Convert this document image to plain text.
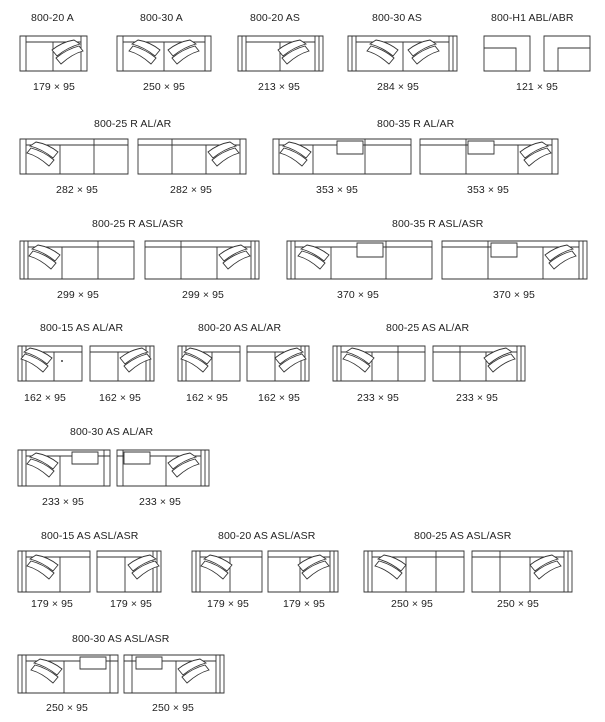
800-20 A	800-30 A	800-20 AS	800-30 AS	800-H1 ABL/ABR
800-25 R AL/AR	800-35 R AL/AR
800-25 R ASL/ASR	800-35 R ASL/ASR
800-15 AS AL/AR	800-20 AS AL/AR	800-25 AS AL/AR
800-30 AS AL/AR
800-15 AS ASL/ASR	800-20 AS ASL/ASR	800-25 AS ASL/ASR
800-30 AS ASL/ASR
179 × 95	250 × 95	213 × 95	284 × 95	121 × 95
282 × 95	282 × 95	353 × 95	353 × 95
299 × 95	299 × 95	370 × 95	370 × 95
162 × 95	162 × 95	162 × 95	162 × 95	233 × 95	233 × 95
233 × 95	233 × 95
179 × 95	179 × 95	179 × 95	179 × 95	250 × 95	250 × 95
250 × 95	250 × 95
